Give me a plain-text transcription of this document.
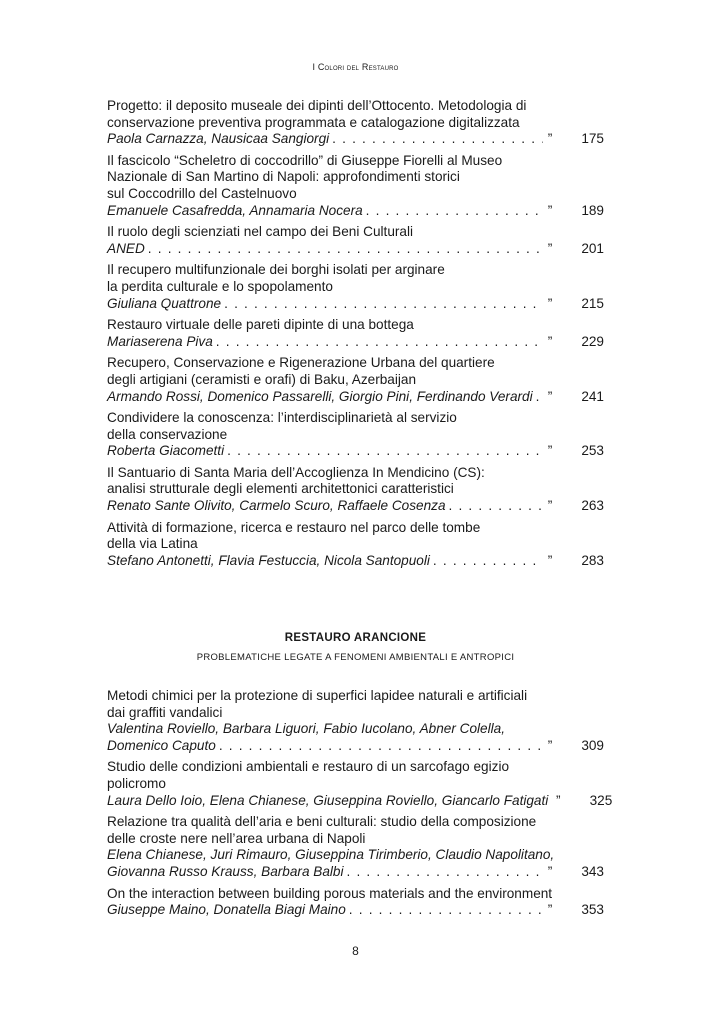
I Colori del Restauro
Progetto: il deposito museale dei dipinti dell’Ottocento. Metodologia di
conservazione preventiva programmata e catalogazione digitalizzata
Paola Carnazza, Nausicaa Sangiorgi . . .	”	175
Il fascicolo “Scheletro di coccodrillo” di Giuseppe Fiorelli al Museo
Nazionale di San Martino di Napoli: approfondimenti storici
sul Coccodrillo del Castelnuovo
Emanuele Casafredda, Annamaria Nocera . . .	”	189
Il ruolo degli scienziati nel campo dei Beni Culturali
ANED . . .	”	201
Il recupero multifunzionale dei borghi isolati per arginare
la perdita culturale e lo spopolamento
Giuliana Quattrone . . .	”	215
Restauro virtuale delle pareti dipinte di una bottega
Mariaserena Piva . . .	”	229
Recupero, Conservazione e Rigenerazione Urbana del quartiere
degli artigiani (ceramisti e orafi) di Baku, Azerbaijan
Armando Rossi, Domenico Passarelli, Giorgio Pini, Ferdinando Verardi . . . ”	241
Condividere la conoscenza: l’interdisciplinarietà al servizio
della conservazione
Roberta Giacometti . . .	”	253
Il Santuario di Santa Maria dell’Accoglienza In Mendicino (CS):
analisi strutturale degli elementi architettonici caratteristici
Renato Sante Olivito, Carmelo Scuro, Raffaele Cosenza . . .	”	263
Attività di formazione, ricerca e restauro nel parco delle tombe
della via Latina
Stefano Antonetti, Flavia Festuccia, Nicola Santopuoli . . .	”	283
RESTAURO ARANCIONE
PROBLEMATICHE LEGATE A FENOMENI AMBIENTALI E ANTROPICI
Metodi chimici per la protezione di superfici lapidee naturali e artificiali
dai graffiti vandalici
Valentina Roviello, Barbara Liguori, Fabio Iucolano, Abner Colella,
Domenico Caputo . . .	”	309
Studio delle condizioni ambientali e restauro di un sarcofago egizio
policromo
Laura Dello Ioio, Elena Chianese, Giuseppina Roviello, Giancarlo Fatigati ”	325
Relazione tra qualità dell’aria e beni culturali: studio della composizione
delle croste nere nell’area urbana di Napoli
Elena Chianese, Juri Rimauro, Giuseppina Tirimberio, Claudio Napolitano,
Giovanna Russo Krauss, Barbara Balbi . . .	”	343
On the interaction between building porous materials and the environment
Giuseppe Maino, Donatella Biagi Maino . . .	”	353
8
